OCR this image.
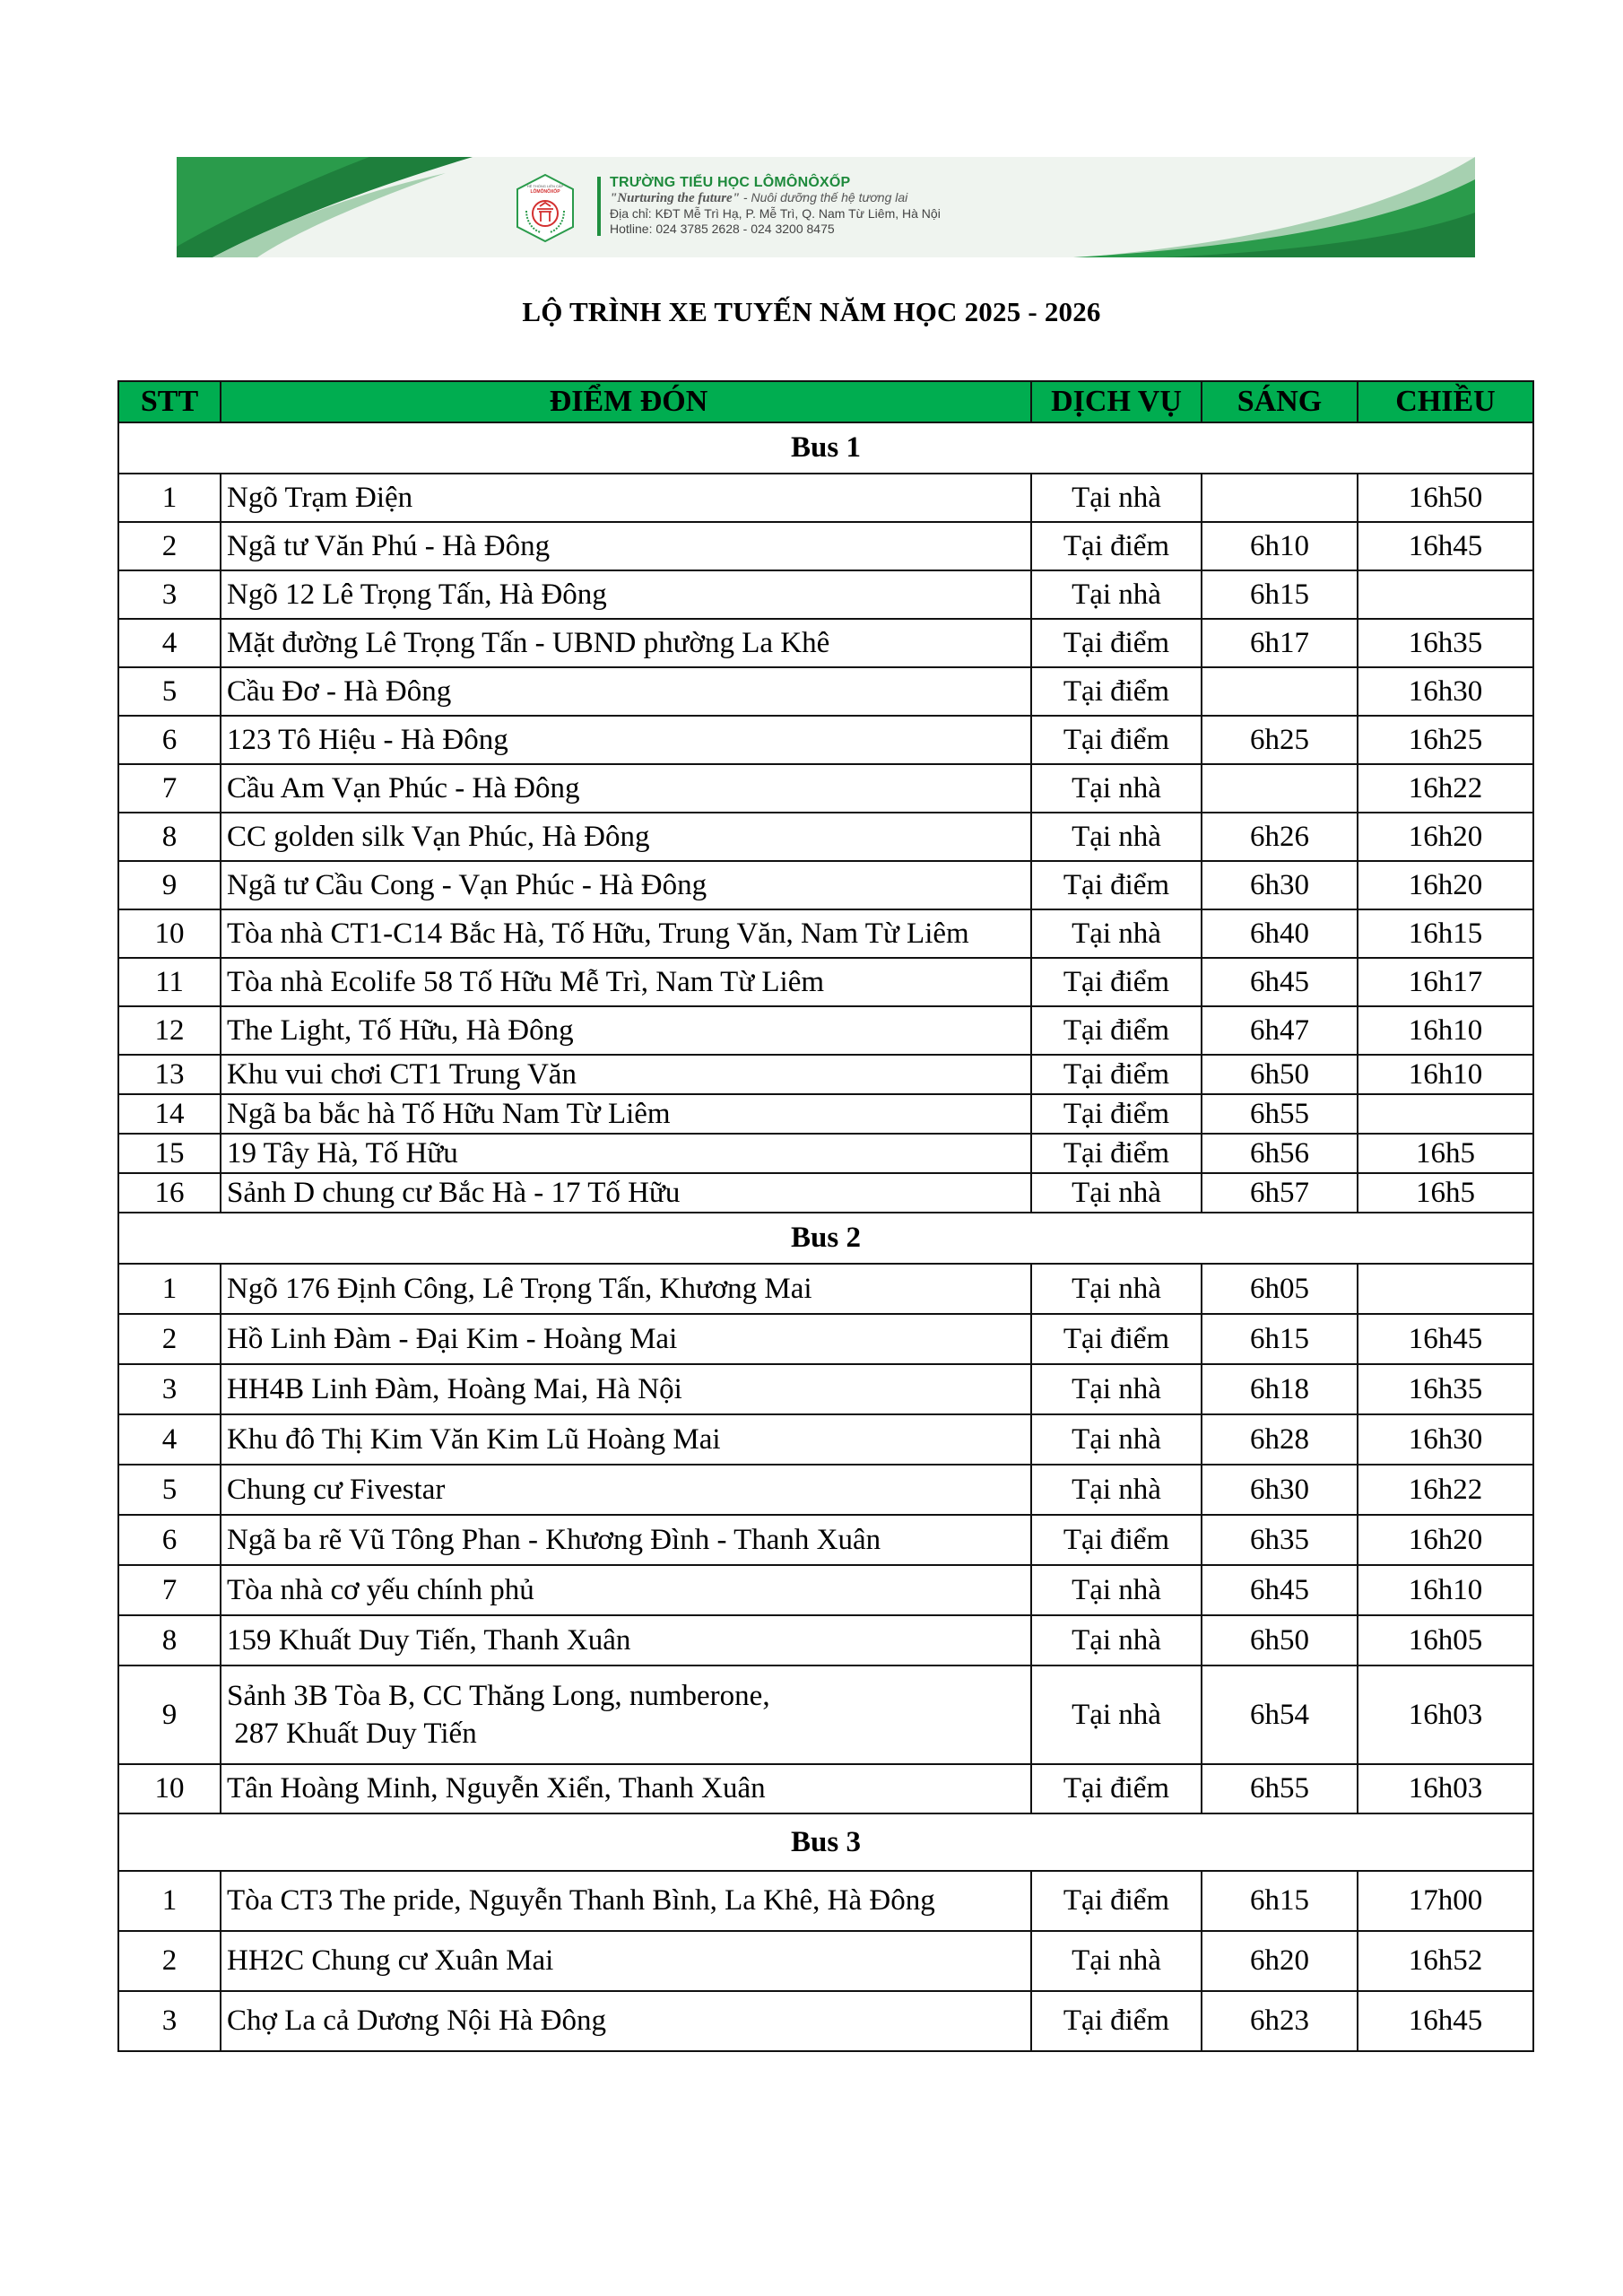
HỆ THỐNG LIÊN CẤP
LÔMÔNÔXỐP
TRƯỜNG TIỂU HỌC LÔMÔNÔXỐP
"Nurturing the future" - Nuôi dưỡng thế hệ tương lai
Địa chỉ: KĐT Mễ Trì Hạ, P. Mễ Trì, Q. Nam Từ Liêm, Hà Nội
Hotline: 024 3785 2628 - 024 3200 8475
LỘ TRÌNH XE TUYẾN NĂM HỌC 2025 - 2026
STT	ĐIỂM ĐÓN	DỊCH VỤ	SÁNG	CHIỀU
Bus 1				
1	Ngõ Trạm Điện	Tại nhà		16h50
2	Ngã tư Văn Phú - Hà Đông	Tại điểm	6h10	16h45
3	Ngõ 12 Lê Trọng Tấn, Hà Đông	Tại nhà	6h15	
4	Mặt đường Lê Trọng Tấn - UBND phường La Khê	Tại điểm	6h17	16h35
5	Cầu Đơ - Hà Đông	Tại điểm		16h30
6	123 Tô Hiệu - Hà Đông	Tại điểm	6h25	16h25
7	Cầu Am Vạn Phúc - Hà Đông	Tại nhà		16h22
8	CC golden silk Vạn Phúc, Hà Đông	Tại nhà	6h26	16h20
9	Ngã tư Cầu Cong - Vạn Phúc - Hà Đông	Tại điểm	6h30	16h20
10	Tòa nhà CT1-C14 Bắc Hà, Tố Hữu, Trung Văn, Nam Từ Liêm	Tại nhà	6h40	16h15
11	Tòa nhà Ecolife 58 Tố Hữu Mễ Trì, Nam Từ Liêm	Tại điểm	6h45	16h17
12	The Light, Tố Hữu, Hà Đông	Tại điểm	6h47	16h10
13	Khu vui chơi CT1 Trung Văn	Tại điểm	6h50	16h10
14	Ngã ba bắc hà Tố Hữu Nam Từ Liêm	Tại điểm	6h55	
15	19 Tây Hà, Tố Hữu	Tại điểm	6h56	16h5
16	Sảnh D chung cư Bắc Hà - 17 Tố Hữu	Tại nhà	6h57	16h5
Bus 2				
1	Ngõ 176 Định Công, Lê Trọng Tấn, Khương Mai	Tại nhà	6h05	
2	Hồ Linh Đàm - Đại Kim - Hoàng Mai	Tại điểm	6h15	16h45
3	HH4B Linh Đàm, Hoàng Mai, Hà Nội	Tại nhà	6h18	16h35
4	Khu đô Thị Kim Văn Kim Lũ Hoàng Mai	Tại nhà	6h28	16h30
5	Chung cư Fivestar	Tại nhà	6h30	16h22
6	Ngã ba rẽ Vũ Tông Phan - Khương Đình - Thanh Xuân	Tại điểm	6h35	16h20
7	Tòa nhà cơ yếu chính phủ	Tại nhà	6h45	16h10
8	159 Khuất Duy Tiến, Thanh Xuân	Tại nhà	6h50	16h05
9	Sảnh 3B Tòa B, CC Thăng Long, numberone,
287 Khuất Duy Tiến	Tại nhà	6h54	16h03
10	Tân Hoàng Minh, Nguyễn Xiển, Thanh Xuân	Tại điểm	6h55	16h03
Bus 3				
1	Tòa CT3 The pride, Nguyễn Thanh Bình, La Khê, Hà Đông	Tại điểm	6h15	17h00
2	HH2C Chung cư Xuân Mai	Tại nhà	6h20	16h52
3	Chợ La cả Dương Nội Hà Đông	Tại điểm	6h23	16h45
